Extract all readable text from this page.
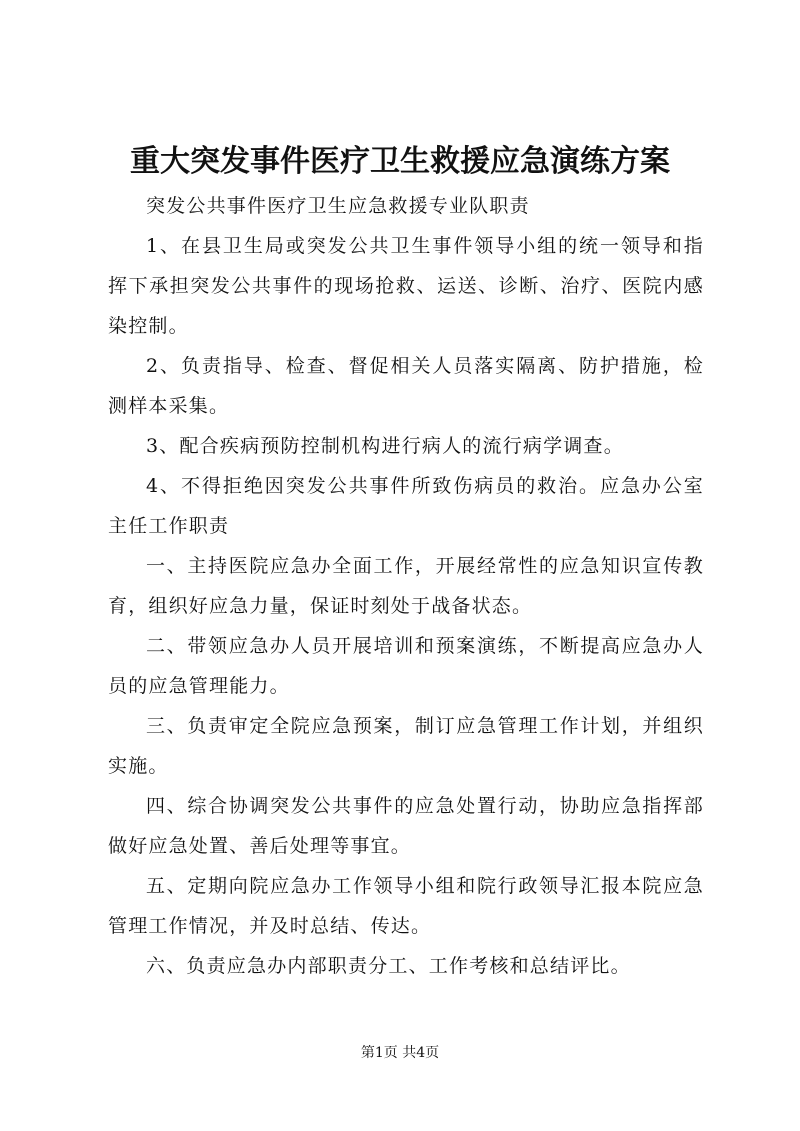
重大突发事件医疗卫生救援应急演练方案

突发公共事件医疗卫生应急救援专业队职责

1、在县卫生局或突发公共卫生事件领导小组的统一领导和指挥下承担突发公共事件的现场抢救、运送、诊断、治疗、医院内感染控制。

2、负责指导、检查、督促相关人员落实隔离、防护措施，检测样本采集。

3、配合疾病预防控制机构进行病人的流行病学调查。

4、不得拒绝因突发公共事件所致伤病员的救治。应急办公室主任工作职责

一、主持医院应急办全面工作，开展经常性的应急知识宣传教育，组织好应急力量，保证时刻处于战备状态。

二、带领应急办人员开展培训和预案演练，不断提高应急办人员的应急管理能力。

三、负责审定全院应急预案，制订应急管理工作计划，并组织实施。

四、综合协调突发公共事件的应急处置行动，协助应急指挥部做好应急处置、善后处理等事宜。

五、定期向院应急办工作领导小组和院行政领导汇报本院应急管理工作情况，并及时总结、传达。

六、负责应急办内部职责分工、工作考核和总结评比。

第1页 共4页
